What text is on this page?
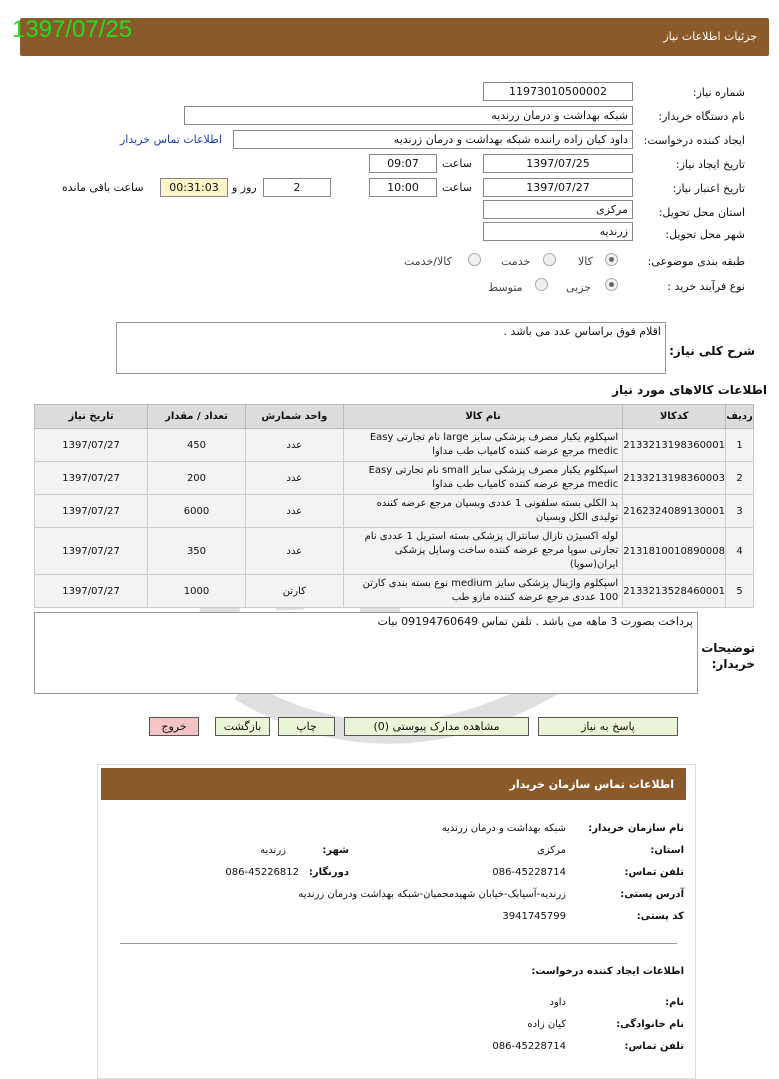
جزئیات اطلاعات نیاز
1397/07/25
شماره نیاز:
11973010500002
نام دستگاه خریدار:
شبکه بهداشت و درمان زرندیه
ایجاد کننده درخواست:
داود کیان زاده راننده شبکه بهداشت و درمان زرندیه
اطلاعات تماس خریدار
تاریخ ایجاد نیاز:
1397/07/25
ساعت
09:07
تاریخ اعتبار نیاز:
1397/07/27
ساعت
10:00
2
روز و
00:31:03
ساعت باقی مانده
استان محل تحویل:
مرکزی
شهر محل تحویل:
زرندیه
طبقه بندی موضوعی:
کالا
خدمت
کالا/خدمت
نوع فرآیند خرید :
جزیی
متوسط
شرح کلی نیاز:
اقلام فوق براساس عدد می باشد .
اطلاعات کالاهای مورد نیاز
ردیف	کدکالا	نام کالا	واحد شمارش	تعداد / مقدار	تاریخ نیاز
1	2133213198360001	اسپکلوم یکبار مصرف پزشکی سایز large نام تجارتی Easy medic مرجع عرضه کننده کامیاب طب مداوا	عدد	450	1397/07/27
2	2133213198360003	اسپکلوم یکبار مصرف پزشکی سایز small نام تجارتی Easy medic مرجع عرضه کننده کامیاب طب مداوا	عدد	200	1397/07/27
3	2162324089130001	پد الکلی بسته سلفونی 1 عددی وبسیان مرجع عرضه کننده تولیدی الکل وبسیان	عدد	6000	1397/07/27
4	2131810010890008	لوله اکسیژن نازال سانترال پزشکی بسته استریل 1 عددی نام تجارتی سوپا مرجع عرضه کننده ساخت وسایل پزشکی ایران(سوپا)	عدد	350	1397/07/27
5	2133213528460001	اسپکلوم واژینال پزشکی سایز medium نوع بسته بندی کارتن 100 عددی مرجع عرضه کننده مازو طب	کارتن	1000	1397/07/27
پرداخت بصورت 3 ماهه می باشد . تلفن تماس 09194760649 بیات
توضیحات خریدار:
پاسخ به نیاز
مشاهده مدارک پیوستی (0)
چاپ
بازگشت
خروج
اطلاعات تماس سازمان خریدار
نام سازمان خریدار:
شبکه بهداشت و درمان زرندیه
استان:
مرکزی
شهر:
زرندیه
تلفن تماس:
086-45228714
دورنگار:
086-45226812
آدرس پستی:
زرندیه-آسیابک-خیابان شهیدمحمیان-شبکه بهداشت ودرمان زرندیه
کد پستی:
3941745799
اطلاعات ایجاد کننده درخواست:
نام:
داود
نام خانوادگی:
کیان زاده
تلفن تماس:
086-45228714
